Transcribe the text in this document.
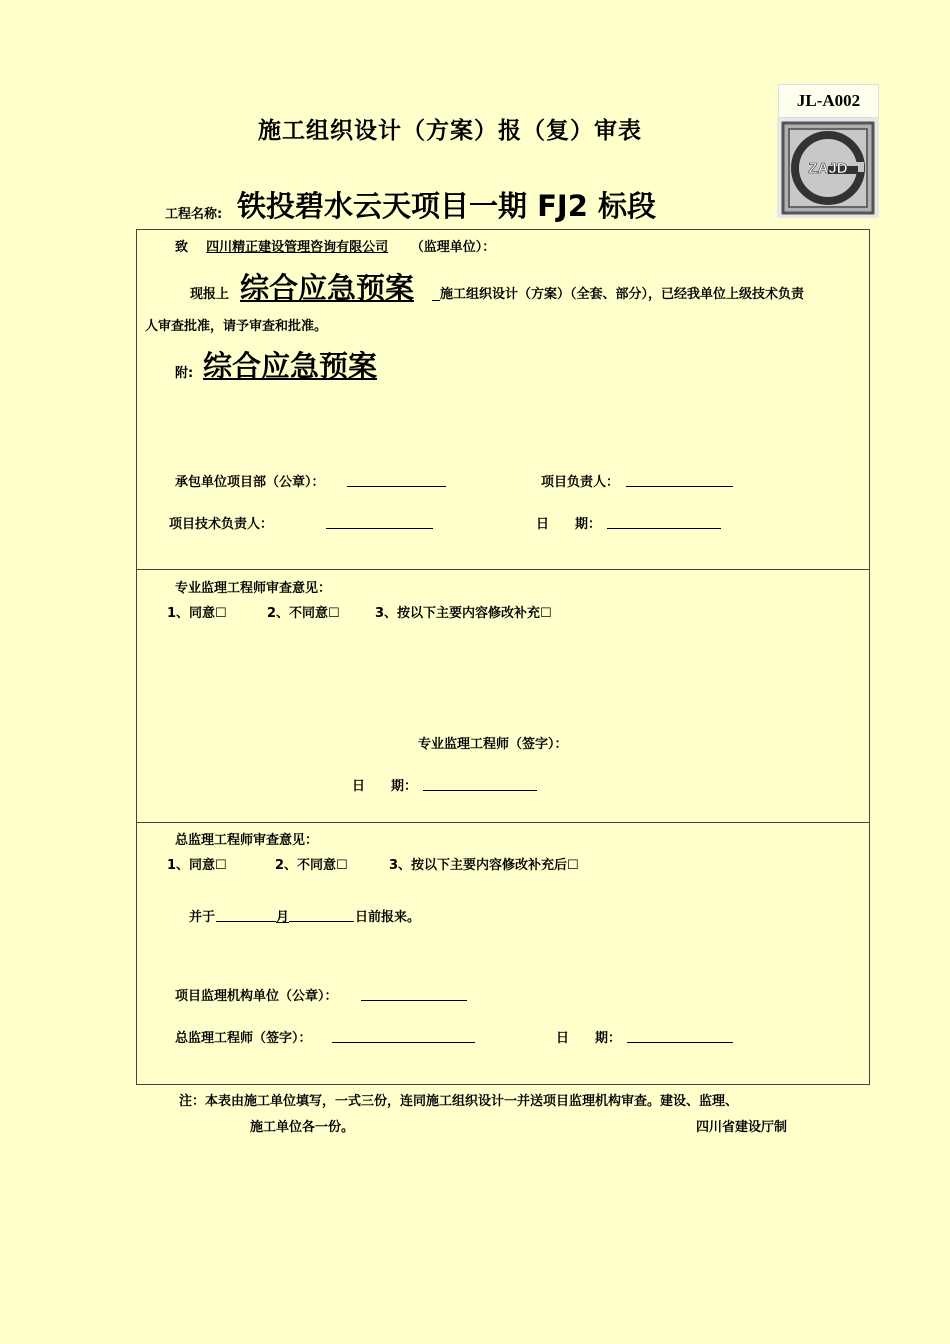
JL-A002
ZAJD
施工组织设计（方案）报（复）审表
工程名称: 铁投碧水云天项目一期 FJ2 标段
致 四川精正建设管理咨询有限公司 （监理单位）：
现报上 综合应急预案 施工组织设计（方案）（全套、部分），已经我单位上级技术负责
人审查批准，请予审查和批准。
附: 综合应急预案
承包单位项目部（公章）：	项目负责人：
项目技术负责人：	日　　期：
专业监理工程师审查意见：
1、同意☐	2、不同意☐	3、按以下主要内容修改补充☐
专业监理工程师（签字）：
日　　期：
总监理工程师审查意见：
1、同意☐	2、不同意☐	3、按以下主要内容修改补充后☐
并于	月	日前报来。
项目监理机构单位（公章）：
总监理工程师（签字）：	日　　期：
注：本表由施工单位填写，一式三份，连同施工组织设计一并送项目监理机构审查。建设、监理、
施工单位各一份。	四川省建设厅制
